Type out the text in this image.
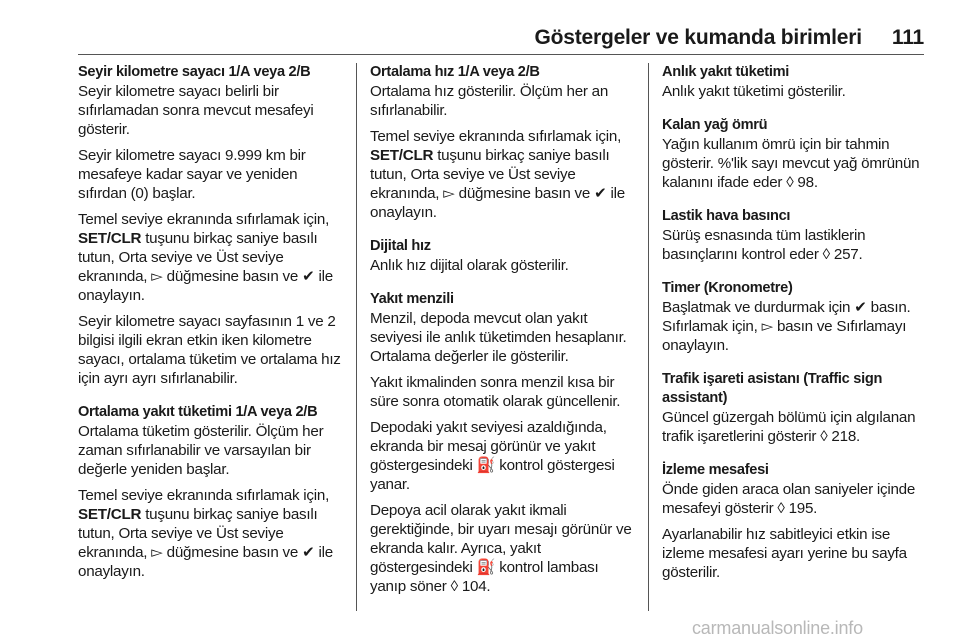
Göstergeler ve kumanda birimleri 111
Seyir kilometre sayacı 1/A veya 2/B
Seyir kilometre sayacı belirli bir sıfırlamadan sonra mevcut mesafeyi gösterir.
Seyir kilometre sayacı 9.999 km bir mesafeye kadar sayar ve yeniden sıfırdan (0) başlar.
Temel seviye ekranında sıfırlamak için, SET/CLR tuşunu birkaç saniye basılı tutun, Orta seviye ve Üst seviye ekranında, ▻ düğmesine basın ve ✔ ile onaylayın.
Seyir kilometre sayacı sayfasının 1 ve 2 bilgisi ilgili ekran etkin iken kilometre sayacı, ortalama tüketim ve ortalama hız için ayrı ayrı sıfırlanabilir.
Ortalama yakıt tüketimi 1/A veya 2/B
Ortalama tüketim gösterilir. Ölçüm her zaman sıfırlanabilir ve varsayılan bir değerle yeniden başlar.
Temel seviye ekranında sıfırlamak için, SET/CLR tuşunu birkaç saniye basılı tutun, Orta seviye ve Üst seviye ekranında, ▻ düğmesine basın ve ✔ ile onaylayın.
Ortalama hız 1/A veya 2/B
Ortalama hız gösterilir. Ölçüm her an sıfırlanabilir.
Temel seviye ekranında sıfırlamak için, SET/CLR tuşunu birkaç saniye basılı tutun, Orta seviye ve Üst seviye ekranında, ▻ düğmesine basın ve ✔ ile onaylayın.
Dijital hız
Anlık hız dijital olarak gösterilir.
Yakıt menzili
Menzil, depoda mevcut olan yakıt seviyesi ile anlık tüketimden hesaplanır. Ortalama değerler ile gösterilir.
Yakıt ikmalinden sonra menzil kısa bir süre sonra otomatik olarak güncellenir.
Depodaki yakıt seviyesi azaldığında, ekranda bir mesaj görünür ve yakıt göstergesindeki ⛽ kontrol göstergesi yanar.
Depoya acil olarak yakıt ikmali gerektiğinde, bir uyarı mesajı görünür ve ekranda kalır. Ayrıca, yakıt göstergesindeki ⛽ kontrol lambası yanıp söner ◊ 104.
Anlık yakıt tüketimi
Anlık yakıt tüketimi gösterilir.
Kalan yağ ömrü
Yağın kullanım ömrü için bir tahmin gösterir. %'lik sayı mevcut yağ ömrünün kalanını ifade eder ◊ 98.
Lastik hava basıncı
Sürüş esnasında tüm lastiklerin basınçlarını kontrol eder ◊ 257.
Timer (Kronometre)
Başlatmak ve durdurmak için ✔ basın. Sıfırlamak için, ▻ basın ve Sıfırlamayı onaylayın.
Trafik işareti asistanı (Traffic sign assistant)
Güncel güzergah bölümü için algılanan trafik işaretlerini gösterir ◊ 218.
İzleme mesafesi
Önde giden araca olan saniyeler içinde mesafeyi gösterir ◊ 195.
Ayarlanabilir hız sabitleyici etkin ise izleme mesafesi ayarı yerine bu sayfa gösterilir.
carmanualsonline.info
